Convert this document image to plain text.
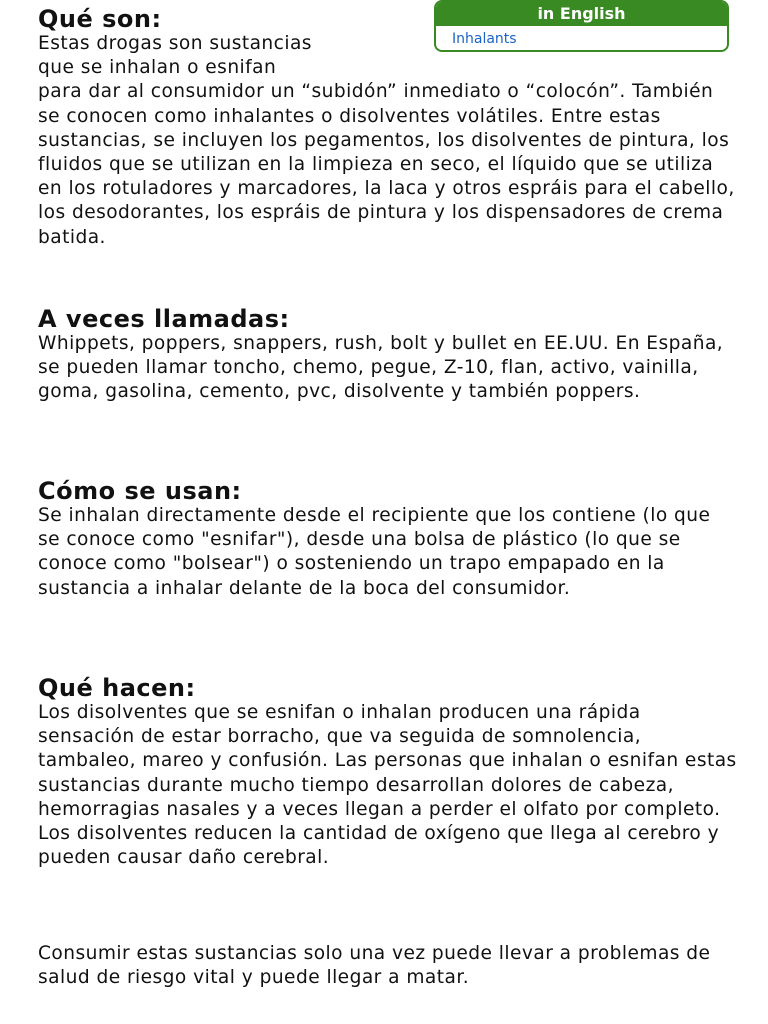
in English
Inhalants
Qué son:

Estas drogas son sustancias

que se inhalan o esnifan

para dar al consumidor un “subidón” inmediato o “colocón”. También se conocen como inhalantes o disolventes volátiles. Entre estas sustancias, se incluyen los pegamentos, los disolventes de pintura, los fluidos que se utilizan en la limpieza en seco, el líquido que se utiliza en los rotuladores y marcadores, la laca y otros espráis para el cabello, los desodorantes, los espráis de pintura y los dispensadores de crema batida.

A veces llamadas:

Whippets, poppers, snappers, rush, bolt y bullet en EE.UU. En España, se pueden llamar toncho, chemo, pegue, Z-10, flan, activo, vainilla, goma, gasolina, cemento, pvc, disolvente y también poppers.

Cómo se usan:

Se inhalan directamente desde el recipiente que los contiene (lo que se conoce como "esnifar"), desde una bolsa de plástico (lo que se conoce como "bolsear") o sosteniendo un trapo empapado en la sustancia a inhalar delante de la boca del consumidor.

Qué hacen:

Los disolventes que se esnifan o inhalan producen una rápida sensación de estar borracho, que va seguida de somnolencia, tambaleo, mareo y confusión. Las personas que inhalan o esnifan estas sustancias durante mucho tiempo desarrollan dolores de cabeza, hemorragias nasales y a veces llegan a perder el olfato por completo. Los disolventes reducen la cantidad de oxígeno que llega al cerebro y pueden causar daño cerebral.

Consumir estas sustancias solo una vez puede llevar a problemas de salud de riesgo vital y puede llegar a matar.
